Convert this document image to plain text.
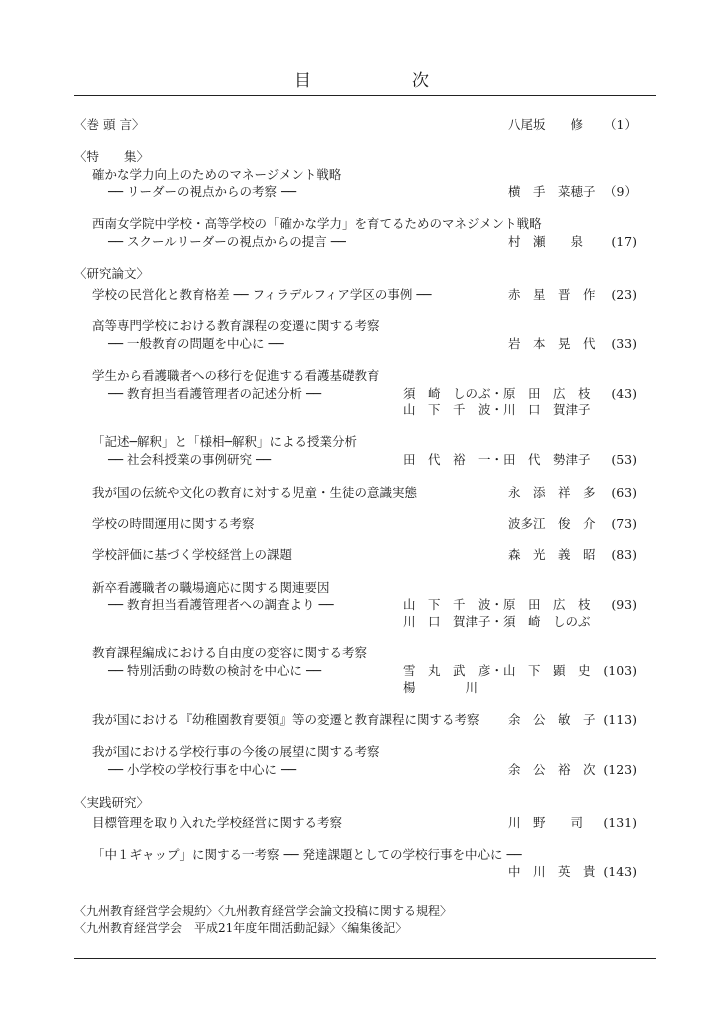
目　次
〈巻 頭 言〉	八尾坂　　修 （1）
〈特　　集〉
確かな学力向上のためのマネージメント戦略
── リーダーの視点からの考察 ──	横　手　菜穂子 （9）
西南女学院中学校・高等学校の「確かな学力」を育てるためのマネジメント戦略
── スクールリーダーの視点からの提言 ──	村　瀬　　泉 (17)
〈研究論文〉
学校の民営化と教育格差 ── フィラデルフィア学区の事例 ──	赤　星　晋　作 (23)
高等専門学校における教育課程の変遷に関する考察
── 一般教育の問題を中心に ──	岩　本　晃　代 (33)
学生から看護職者への移行を促進する看護基礎教育
── 教育担当看護管理者の記述分析 ──	須　崎　しのぶ・原　田　広　枝 (43)
山　下　千　波・川　口　賀津子
「記述─解釈」と「様相─解釈」による授業分析
── 社会科授業の事例研究 ──	田　代　裕　一・田　代　勢津子 (53)
我が国の伝統や文化の教育に対する児童・生徒の意識実態	永　添　祥　多 (63)
学校の時間運用に関する考察	波多江　俊　介 (73)
学校評価に基づく学校経営上の課題	森　光　義　昭 (83)
新卒看護職者の職場適応に関する関連要因
── 教育担当看護管理者への調査より ──	山　下　千　波・原　田　広　枝 (93)
川　口　賀津子・須　崎　しのぶ
教育課程編成における自由度の変容に関する考察
── 特別活動の時数の検討を中心に ──	雪　丸　武　彦・山　下　顕　史 (103)
楊　　　　川
我が国における『幼稚園教育要領』等の変遷と教育課程に関する考察 余　公　敏　子 (113)
我が国における学校行事の今後の展望に関する考察
── 小学校の学校行事を中心に ──	余　公　裕　次 (123)
〈実践研究〉
目標管理を取り入れた学校経営に関する考察	川　野　　司 (131)
「中１ギャップ」に関する一考察 ── 発達課題としての学校行事を中心に ──
中　川　英　貴 (143)
〈九州教育経営学会規約〉〈九州教育経営学会論文投稿に関する規程〉
〈九州教育経営学会　平成21年度年間活動記録〉〈編集後記〉
